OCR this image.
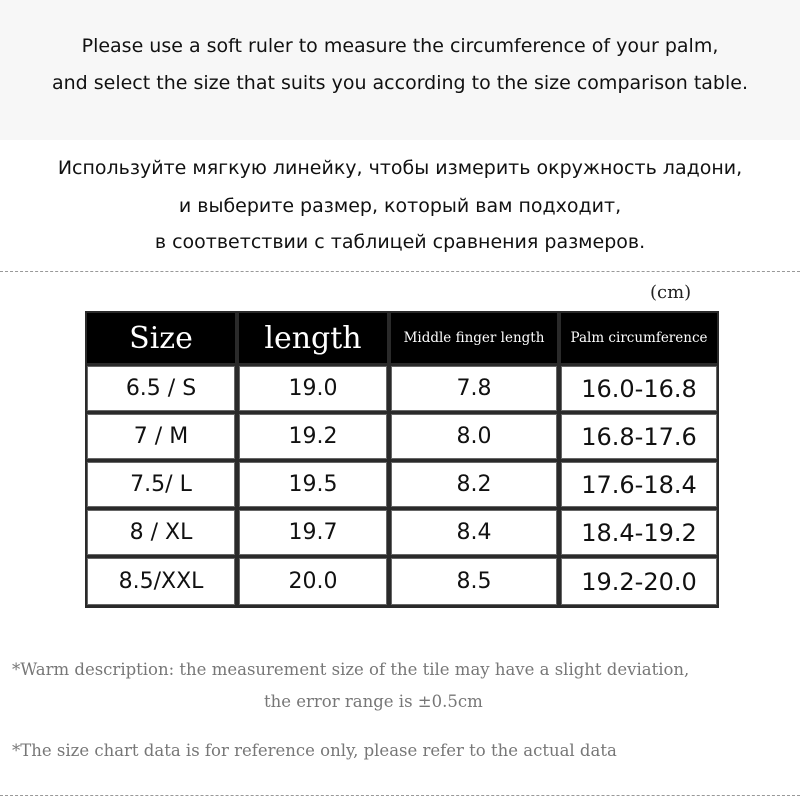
Please use a soft ruler to measure the circumference of your palm,
and select the size that suits you according to the size comparison table.
Используйте мягкую линейку, чтобы измерить окружность ладони,
и выберите размер, который вам подходит,
в соответствии с таблицей сравнения размеров.
(cm)
Size	length	Middle finger length	Palm circumference
6.5 / S	19.0	7.8	16.0-16.8
7 / M	19.2	8.0	16.8-17.6
7.5/ L	19.5	8.2	17.6-18.4
8 / XL	19.7	8.4	18.4-19.2
8.5/XXL	20.0	8.5	19.2-20.0
*Warm description: the measurement size of the tile may have a slight deviation,
the error range is ±0.5cm
*The size chart data is for reference only, please refer to the actual data
